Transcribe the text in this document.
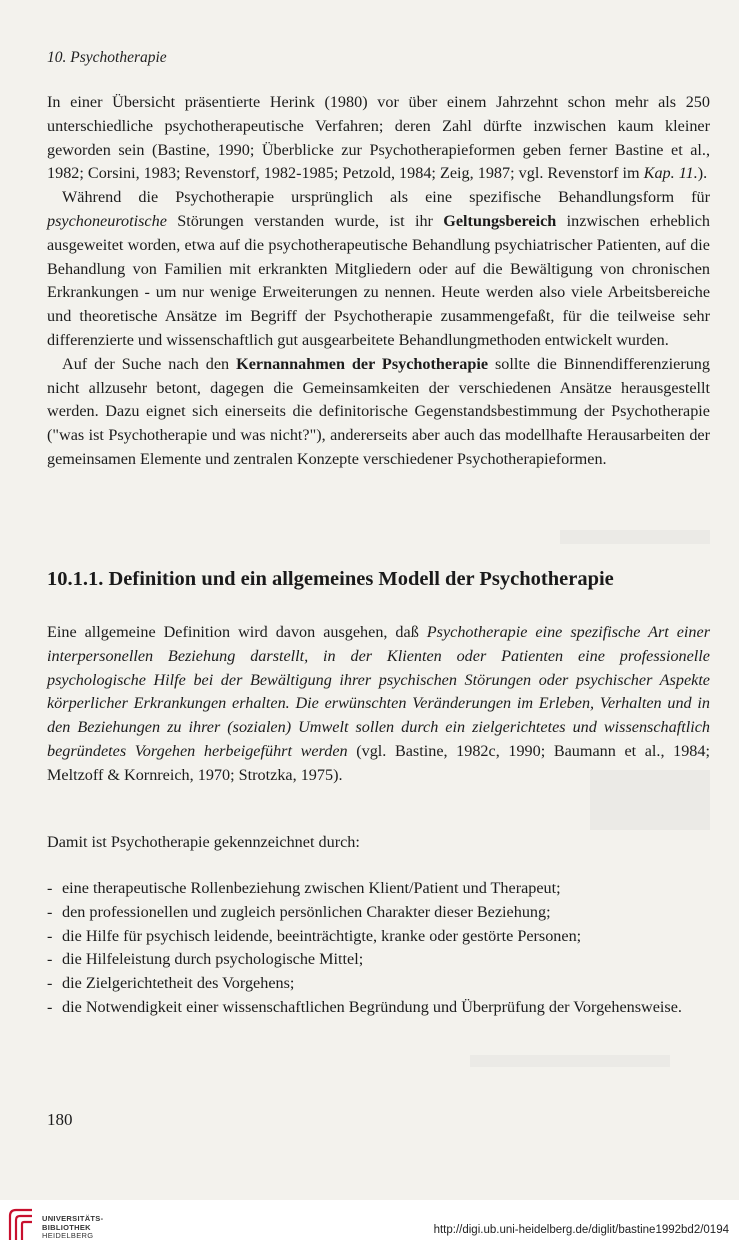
10. Psychotherapie

In einer Übersicht präsentierte Herink (1980) vor über einem Jahrzehnt schon mehr als 250 unterschiedliche psychotherapeutische Verfahren; deren Zahl dürfte inzwischen kaum kleiner geworden sein (Bastine, 1990; Überblicke zur Psychotherapieformen geben ferner Bastine et al., 1982; Corsini, 1983; Revenstorf, 1982-1985; Petzold, 1984; Zeig, 1987; vgl. Revenstorf im Kap. 11.).

Während die Psychotherapie ursprünglich als eine spezifische Behandlungsform für psychoneurotische Störungen verstanden wurde, ist ihr Geltungsbereich inzwischen erheblich ausgeweitet worden, etwa auf die psychotherapeutische Behandlung psychiatrischer Patienten, auf die Behandlung von Familien mit erkrankten Mitgliedern oder auf die Bewältigung von chronischen Erkrankungen - um nur wenige Erweiterungen zu nennen. Heute werden also viele Arbeitsbereiche und theoretische Ansätze im Begriff der Psychotherapie zusammengefaßt, für die teilweise sehr differenzierte und wissenschaftlich gut ausgearbeitete Behandlungmethoden entwickelt wurden.

Auf der Suche nach den Kernannahmen der Psychotherapie sollte die Binnendifferenzierung nicht allzusehr betont, dagegen die Gemeinsamkeiten der verschiedenen Ansätze herausgestellt werden. Dazu eignet sich einerseits die definitorische Gegenstandsbestimmung der Psychotherapie ("was ist Psychotherapie und was nicht?"), andererseits aber auch das modellhafte Herausarbeiten der gemeinsamen Elemente und zentralen Konzepte verschiedener Psychotherapieformen.

10.1.1. Definition und ein allgemeines Modell der Psychotherapie

Eine allgemeine Definition wird davon ausgehen, daß Psychotherapie eine spezifische Art einer interpersonellen Beziehung darstellt, in der Klienten oder Patienten eine professionelle psychologische Hilfe bei der Bewältigung ihrer psychischen Störungen oder psychischer Aspekte körperlicher Erkrankungen erhalten. Die erwünschten Veränderungen im Erleben, Verhalten und in den Beziehungen zu ihrer (sozialen) Umwelt sollen durch ein zielgerichtetes und wissenschaftlich begründetes Vorgehen herbeigeführt werden (vgl. Bastine, 1982c, 1990; Baumann et al., 1984; Meltzoff & Kornreich, 1970; Strotzka, 1975).

Damit ist Psychotherapie gekennzeichnet durch:

- eine therapeutische Rollenbeziehung zwischen Klient/Patient und Therapeut;
- den professionellen und zugleich persönlichen Charakter dieser Beziehung;
- die Hilfe für psychisch leidende, beeinträchtigte, kranke oder gestörte Personen;
- die Hilfeleistung durch psychologische Mittel;
- die Zielgerichtetheit des Vorgehens;
- die Notwendigkeit einer wissenschaftlichen Begründung und Überprüfung der Vorgehensweise.
180
UNIVERSITÄTS-
BIBLIOTHEK
HEIDELBERG	http://digi.ub.uni-heidelberg.de/diglit/bastine1992bd2/0194
